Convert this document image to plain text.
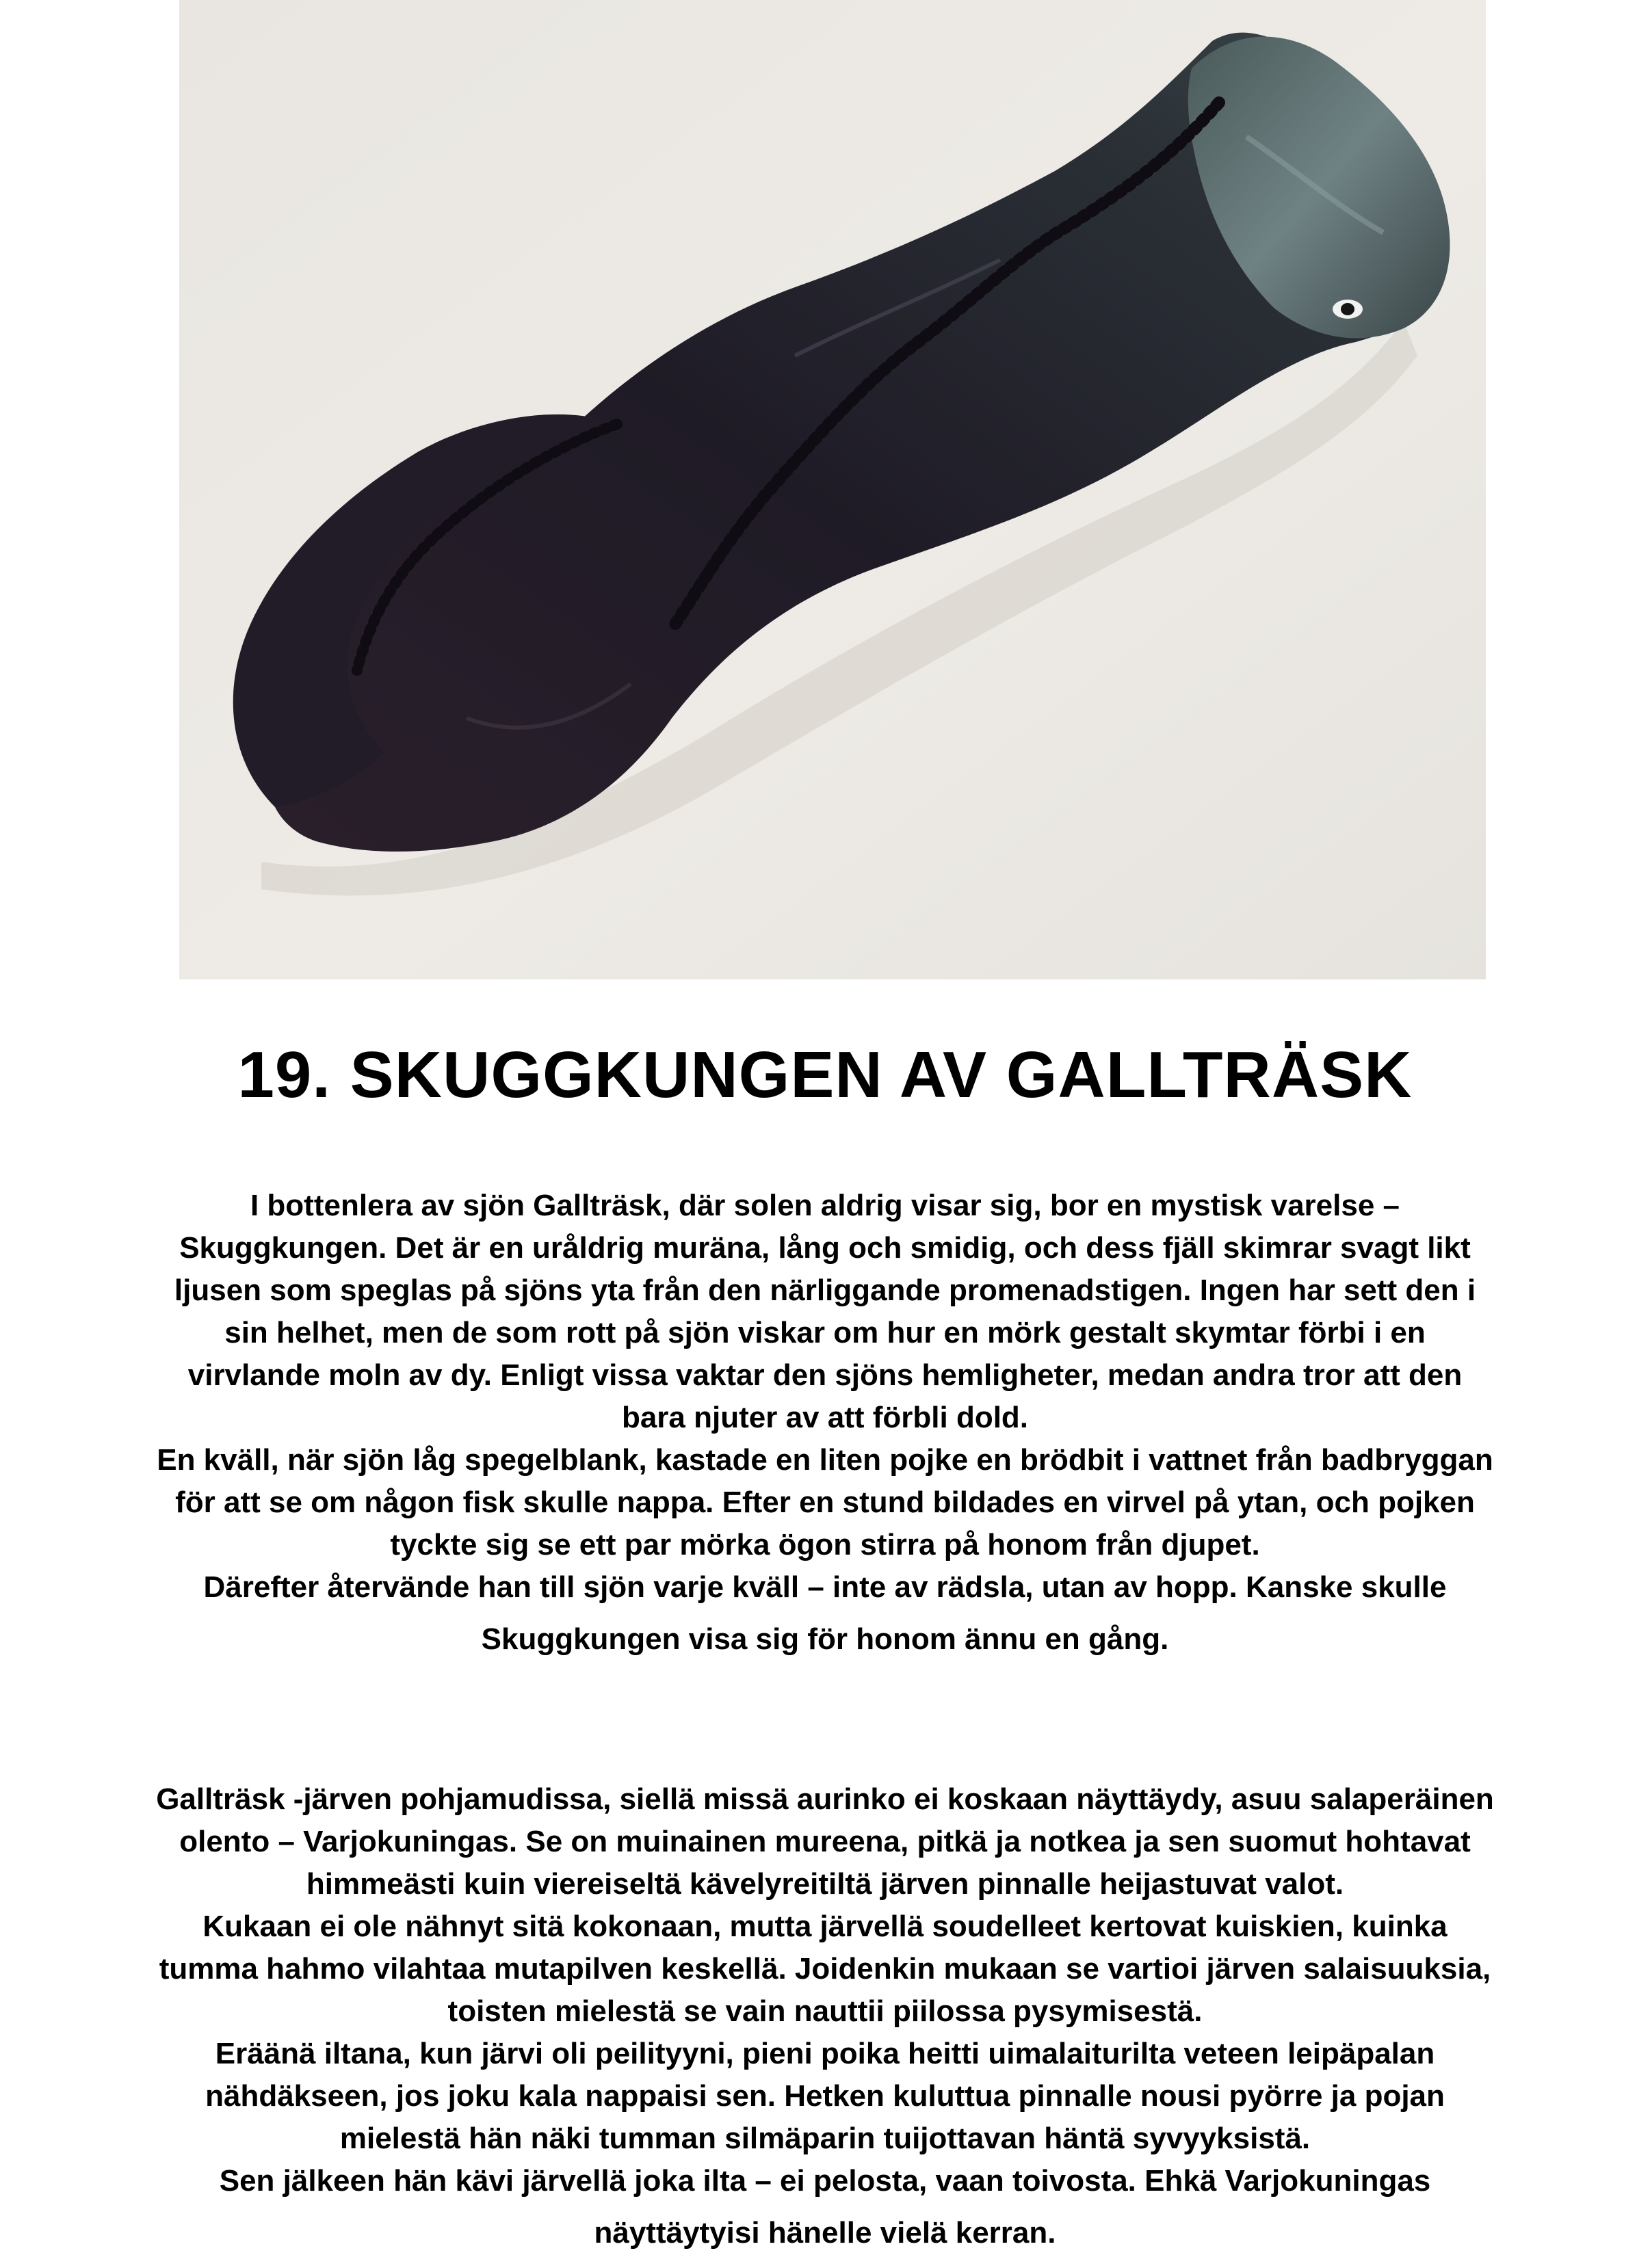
19. SKUGGKUNGEN AV GALLTRÄSK

I bottenlera av sjön Gallträsk, där solen aldrig visar sig, bor en mystisk varelse –

Skuggkungen. Det är en uråldrig muräna, lång och smidig, och dess fjäll skimrar svagt likt

ljusen som speglas på sjöns yta från den närliggande promenadstigen. Ingen har sett den i

sin helhet, men de som rott på sjön viskar om hur en mörk gestalt skymtar förbi i en

virvlande moln av dy. Enligt vissa vaktar den sjöns hemligheter, medan andra tror att den

bara njuter av att förbli dold.

En kväll, när sjön låg spegelblank, kastade en liten pojke en brödbit i vattnet från badbryggan

för att se om någon fisk skulle nappa. Efter en stund bildades en virvel på ytan, och pojken

tyckte sig se ett par mörka ögon stirra på honom från djupet.

Därefter återvände han till sjön varje kväll – inte av rädsla, utan av hopp. Kanske skulle

Skuggkungen visa sig för honom ännu en gång.

Gallträsk -järven pohjamudissa, siellä missä aurinko ei koskaan näyttäydy, asuu salaperäinen

olento – Varjokuningas. Se on muinainen mureena, pitkä ja notkea ja sen suomut hohtavat

himmeästi kuin viereiseltä kävelyreitiltä järven pinnalle heijastuvat valot.

Kukaan ei ole nähnyt sitä kokonaan, mutta järvellä soudelleet kertovat kuiskien, kuinka

tumma hahmo vilahtaa mutapilven keskellä. Joidenkin mukaan se vartioi järven salaisuuksia,

toisten mielestä se vain nauttii piilossa pysymisestä.

Eräänä iltana, kun järvi oli peilityyni, pieni poika heitti uimalaiturilta veteen leipäpalan

nähdäkseen, jos joku kala nappaisi sen. Hetken kuluttua pinnalle nousi pyörre ja pojan

mielestä hän näki tumman silmäparin tuijottavan häntä syvyyksistä.

Sen jälkeen hän kävi järvellä joka ilta – ei pelosta, vaan toivosta. Ehkä Varjokuningas

näyttäytyisi hänelle vielä kerran.
